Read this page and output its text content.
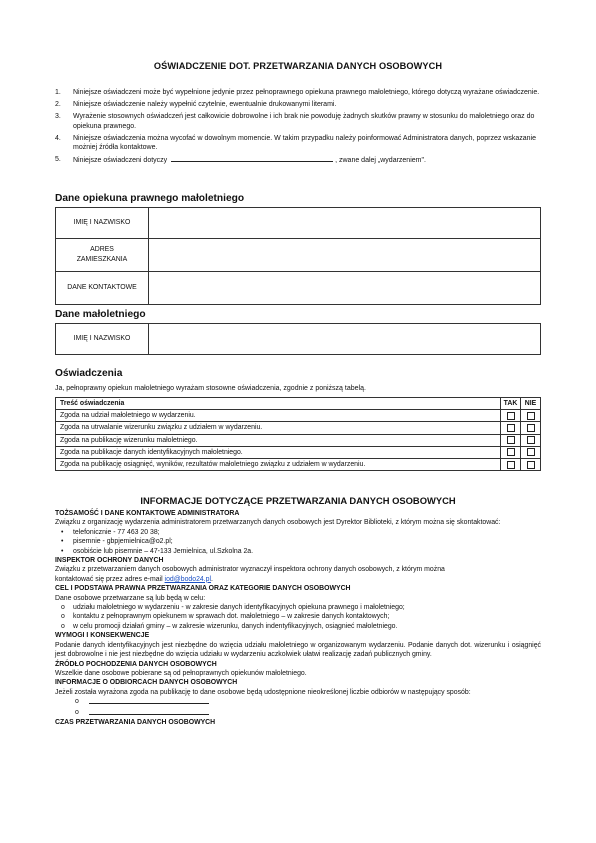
OŚWIADCZENIE DOT. PRZETWARZANIA DANYCH OSOBOWYCH
1. Niniejsze oświadczeni może być wypełnione jedynie przez pełnoprawnego opiekuna prawnego małoletniego, którego dotyczą wyrażane oświadczenie.
2. Niniejsze oświadczenie należy wypełnić czytelnie, ewentualnie drukowanymi literami.
3. Wyrażenie stosownych oświadczeń jest całkowicie dobrowolne i ich brak nie powoduję żadnych skutków prawny w stosunku do małoletniego oraz do opiekuna prawnego.
4. Niniejsze oświadczenia można wycofać w dowolnym momencie. W takim przypadku należy poinformować Administratora danych, poprzez wskazanie możniej źródła kontaktowe.
5. Niniejsze oświadczeni dotyczy	, zwane dalej „wydarzeniem".
Dane opiekuna prawnego małoletniego
IMIĘ I NAZWISKO	
ADRES
ZAMIESZKANIA	
DANE KONTAKTOWE	
Dane małoletniego
IMIĘ I NAZWISKO	
Oświadczenia
Ja, pełnoprawny opiekun małoletniego wyrażam stosowne oświadczenia, zgodnie z poniższą tabelą.
Treść oświadczenia	TAK	NIE
Zgoda na udział małoletniego w wydarzeniu.		
Zgoda na utrwalanie wizerunku związku z udziałem w wydarzeniu.		
Zgoda na publikację wizerunku małoletniego.		
Zgoda na publikacje danych identyfikacyjnych małoletniego.		
Zgoda na publikację osiągnięć, wyników, rezultatów małoletniego związku z udziałem w wydarzeniu.		
INFORMACJE DOTYCZĄCE PRZETWARZANIA DANYCH OSOBOWYCH
TOŻSAMOŚĆ I DANE KONTAKTOWE ADMINISTRATORA
Związku z organizację wydarzenia administratorem przetwarzanych danych osobowych jest Dyrektor Biblioteki, z którym można się skontaktować:
• telefonicznie - 77 463 20 38;
• pisemnie - gbpjemielnica@o2.pl;
• osobiście lub pisemnie – 47-133 Jemielnica, ul.Szkolna 2a.
INSPEKTOR OCHRONY DANYCH
Związku z przetwarzaniem danych osobowych administrator wyznaczył inspektora ochrony danych osobowych, z którym można
kontaktować się przez adres e-mail iod@bodo24.pl.
CEL I PODSTAWA PRAWNA PRZETWARZANIA ORAZ KATEGORIE DANYCH OSOBOWYCH
Dane osobowe przetwarzane są lub będą w celu:
o udziału małoletniego w wydarzeniu - w zakresie danych identyfikacyjnych opiekuna prawnego i małoletniego;
o kontaktu z pełnoprawnym opiekunem w sprawach dot. małoletniego – w zakresie danych kontaktowych;
o w celu promocji działań gminy – w zakresie wizerunku, danych indentyfikacyjnych, osiągnieć małoletniego.
WYMOGI I KONSEKWENCJE
Podanie danych identyfikacyjnych jest niezbędne do wzięcia udziału małoletniego w organizowanym wydarzeniu. Podanie danych dot. wizerunku i osiągnięć jest dobrowolne i nie jest niezbędne do wzięcia udziału w wydarzeniu aczkolwiek ułatwi realizację zadań publicznych gminy.
ŹRÓDŁO POCHODZENIA DANYCH OSOBOWYCH
Wszelkie dane osobowe pobierane są od pełnoprawnych opiekunów małoletniego.
INFORMACJE O ODBIORCACH DANYCH OSOBOWYCH
Jeżeli została wyrażona zgoda na publikację to dane osobowe będą udostępnione nieokreślonej liczbie odbiorów w następujący sposób:
o
o
CZAS PRZETWARZANIA DANYCH OSOBOWYCH
